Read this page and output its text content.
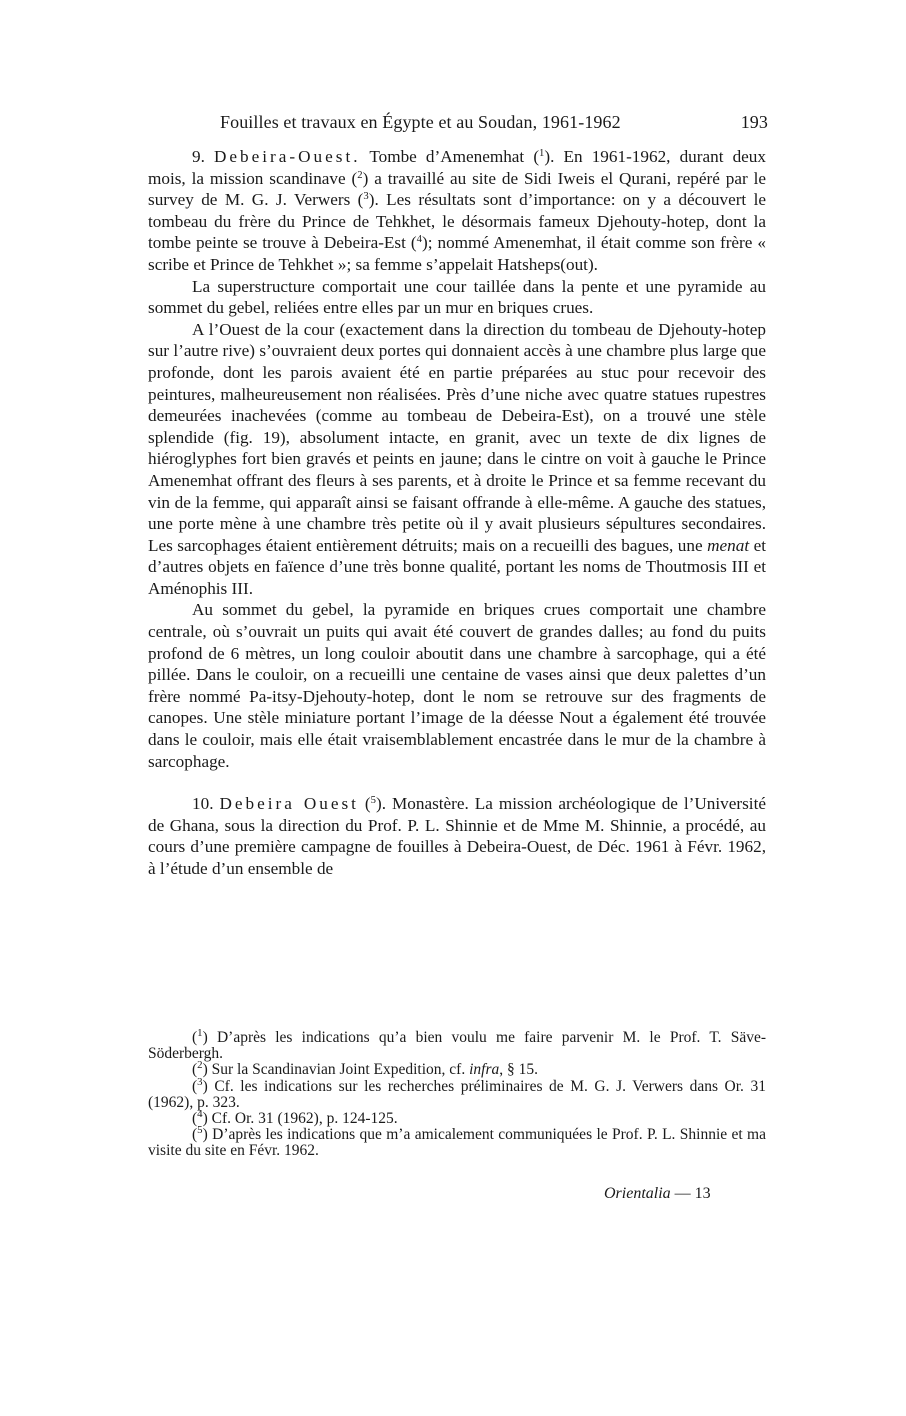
Fouilles et travaux en Égypte et au Soudan, 1961-1962	193

9. Debeira-Ouest. Tombe d’Amenemhat ($^1$). En 1961-1962, durant deux mois, la mission scandinave ($^2$) a travaillé au site de Sidi Iweis el Qurani, repéré par le survey de M. G. J. Verwers ($^3$). Les résultats sont d’importance: on y a découvert le tombeau du frère du Prince de Tehkhet, le désormais fameux Djehouty-hotep, dont la tombe peinte se trouve à Debeira-Est ($^4$); nommé Amenemhat, il était comme son frère « scribe et Prince de Tehkhet »; sa femme s’appelait Hatsheps(out).

La superstructure comportait une cour taillée dans la pente et une pyramide au sommet du gebel, reliées entre elles par un mur en briques crues.

A l’Ouest de la cour (exactement dans la direction du tombeau de Djehouty-hotep sur l’autre rive) s’ouvraient deux portes qui donnaient accès à une chambre plus large que profonde, dont les parois avaient été en partie préparées au stuc pour recevoir des peintures, malheureusement non réalisées. Près d’une niche avec quatre statues rupestres demeurées inachevées (comme au tombeau de Debeira-Est), on a trouvé une stèle splendide (fig. 19), absolument intacte, en granit, avec un texte de dix lignes de hiéroglyphes fort bien gravés et peints en jaune; dans le cintre on voit à gauche le Prince Amenemhat offrant des fleurs à ses parents, et à droite le Prince et sa femme recevant du vin de la femme, qui apparaît ainsi se faisant offrande à elle-même. A gauche des statues, une porte mène à une chambre très petite où il y avait plusieurs sépultures secondaires. Les sarcophages étaient entièrement détruits; mais on a recueilli des bagues, une menat et d’autres objets en faïence d’une très bonne qualité, portant les noms de Thoutmosis III et Aménophis III.

Au sommet du gebel, la pyramide en briques crues comportait une chambre centrale, où s’ouvrait un puits qui avait été couvert de grandes dalles; au fond du puits profond de 6 mètres, un long couloir aboutit dans une chambre à sarcophage, qui a été pillée. Dans le couloir, on a recueilli une centaine de vases ainsi que deux palettes d’un frère nommé Pa-itsy-Djehouty-hotep, dont le nom se retrouve sur des fragments de canopes. Une stèle miniature portant l’image de la déesse Nout a également été trouvée dans le couloir, mais elle était vraisemblablement encastrée dans le mur de la chambre à sarcophage.

10. Debeira Ouest ($^5$). Monastère. La mission archéologique de l’Université de Ghana, sous la direction du Prof. P. L. Shinnie et de Mme M. Shinnie, a procédé, au cours d’une première campagne de fouilles à Debeira-Ouest, de Déc. 1961 à Févr. 1962, à l’étude d’un ensemble de

($^1$) D’après les indications qu’a bien voulu me faire parvenir M. le Prof. T. Säve-Söderbergh.

($^2$) Sur la Scandinavian Joint Expedition, cf. infra, § 15.

($^3$) Cf. les indications sur les recherches préliminaires de M. G. J. Verwers dans Or. 31 (1962), p. 323.

($^4$) Cf. Or. 31 (1962), p. 124-125.

($^5$) D’après les indications que m’a amicalement communiquées le Prof. P. L. Shinnie et ma visite du site en Févr. 1962.

Orientalia — 13
